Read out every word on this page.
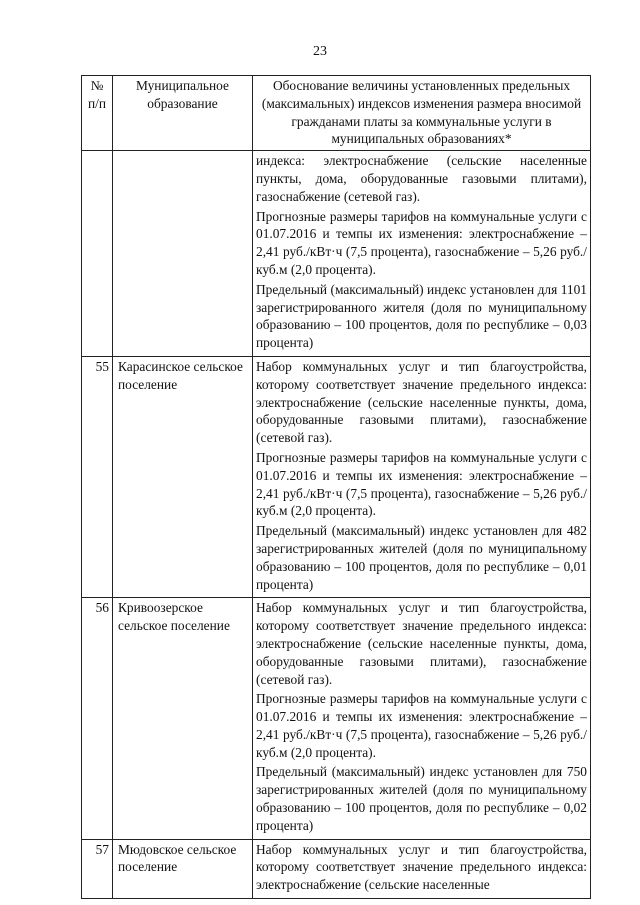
23
№ п/п	Муниципальное образование	Обоснование величины установленных предельных (максимальных) индексов изменения размера вносимой гражданами платы за коммунальные услуги в муниципальных образованиях*

		индекса: электроснабжение (сельские населенные пункты, дома, оборудованные газовыми плитами), газоснабжение (сетевой газ).

Прогнозные размеры тарифов на коммунальные услуги с 01.07.2016 и темпы их изменения: электроснабжение – 2,41 руб./кВт·ч (7,5 процента), газоснабжение – 5,26 руб./куб.м (2,0 процента).

Предельный (максимальный) индекс установлен для 1101 зарегистрированного жителя (доля по муниципальному образованию – 100 процентов, доля по республике – 0,03 процента)

55	Карасинское сельское поселение	Набор коммунальных услуг и тип благоустройства, которому соответствует значение предельного индекса: электроснабжение (сельские населенные пункты, дома, оборудованные газовыми плитами), газоснабжение (сетевой газ).

Прогнозные размеры тарифов на коммунальные услуги с 01.07.2016 и темпы их изменения: электроснабжение – 2,41 руб./кВт·ч (7,5 процента), газоснабжение – 5,26 руб./куб.м (2,0 процента).

Предельный (максимальный) индекс установлен для 482 зарегистрированных жителей (доля по муниципальному образованию – 100 процентов, доля по республике – 0,01 процента)

56	Кривоозерское сельское поселение	Набор коммунальных услуг и тип благоустройства, которому соответствует значение предельного индекса: электроснабжение (сельские населенные пункты, дома, оборудованные газовыми плитами), газоснабжение (сетевой газ).

Прогнозные размеры тарифов на коммунальные услуги с 01.07.2016 и темпы их изменения: электроснабжение – 2,41 руб./кВт·ч (7,5 процента), газоснабжение – 5,26 руб./куб.м (2,0 процента).

Предельный (максимальный) индекс установлен для 750 зарегистрированных жителей (доля по муниципальному образованию – 100 процентов, доля по республике – 0,02 процента)

57	Мюдовское сельское поселение	Набор коммунальных услуг и тип благоустройства, которому соответствует значение предельного индекса: электроснабжение (сельские населенные
